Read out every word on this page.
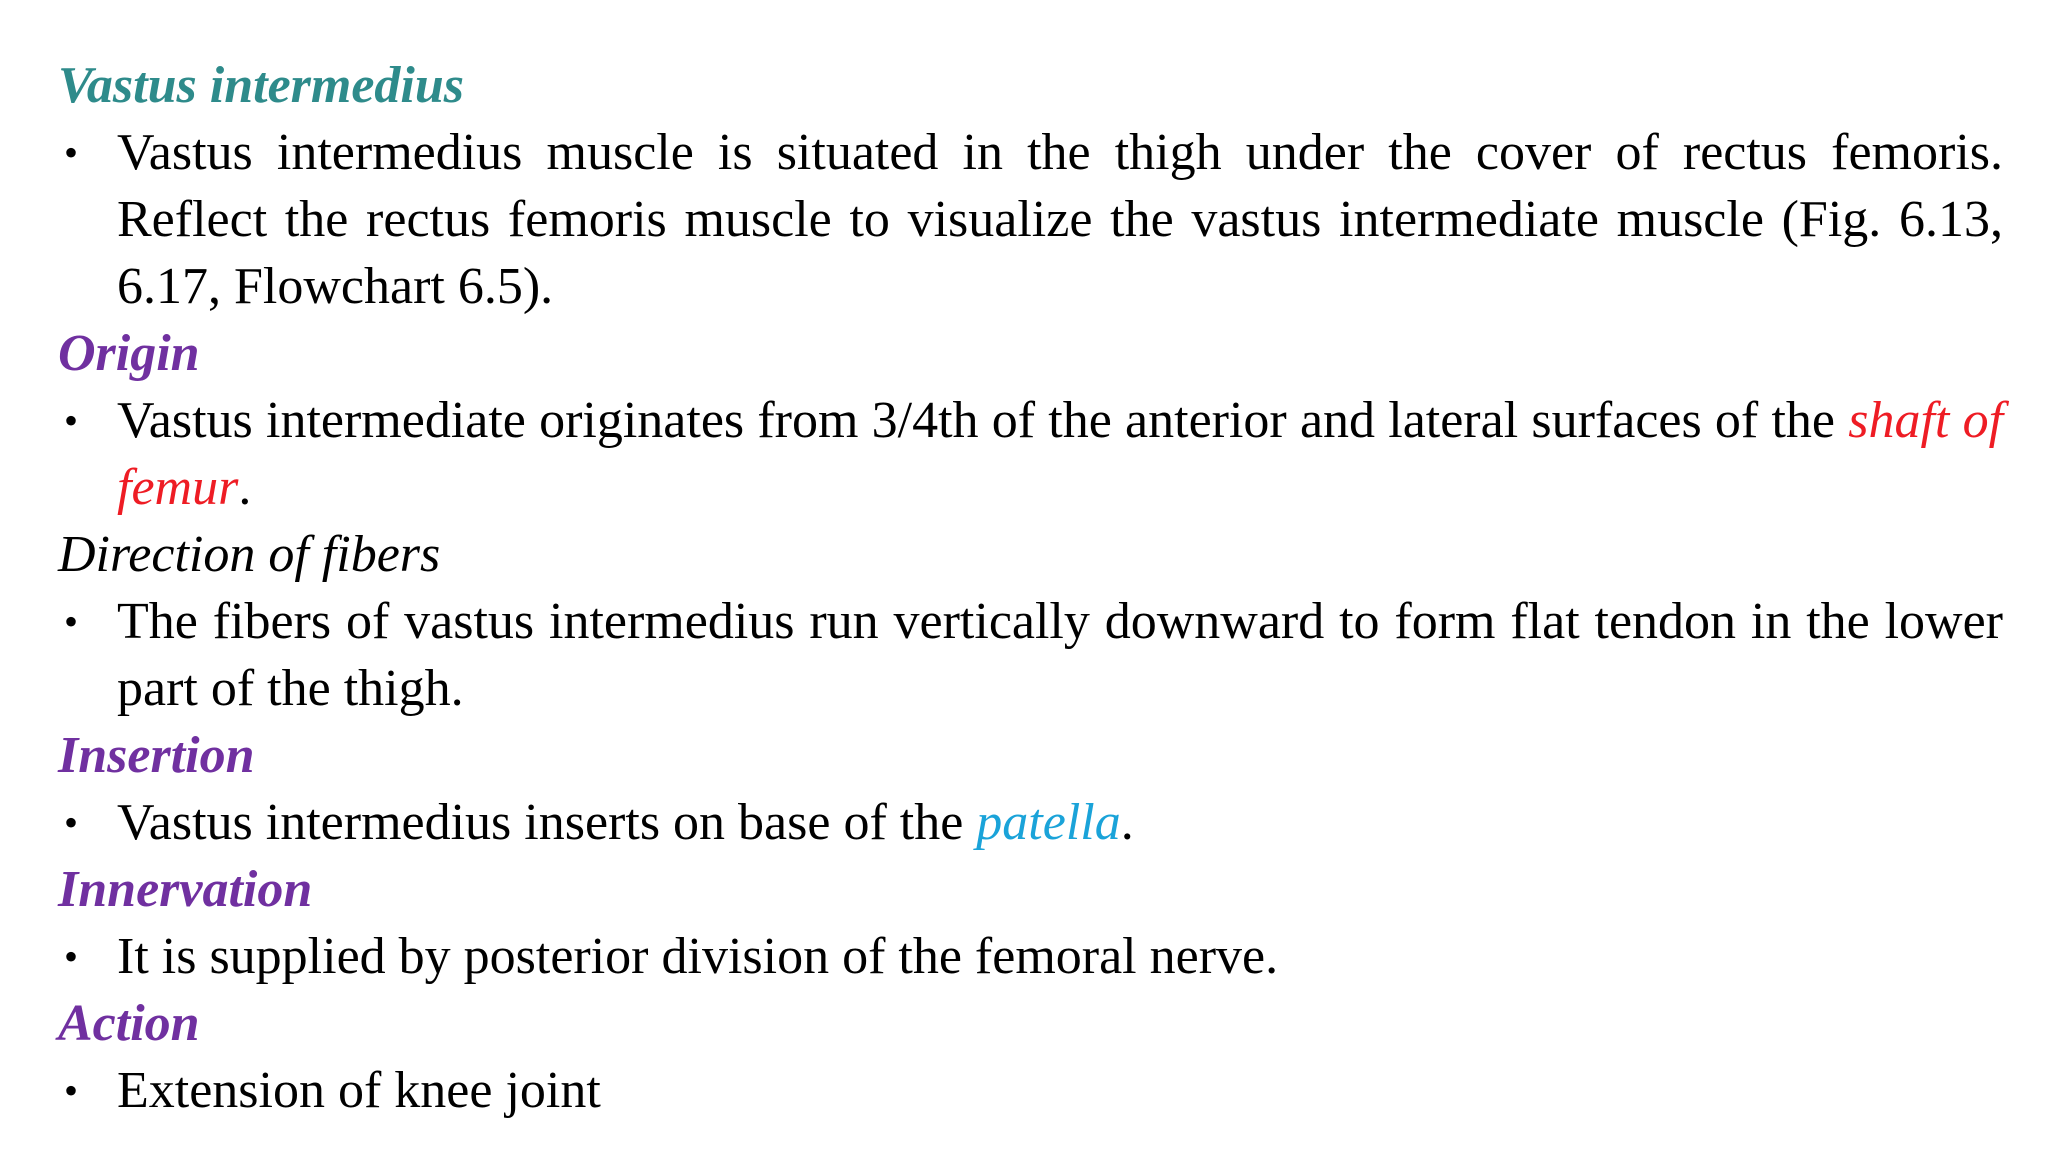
Vastus intermedius
• Vastus intermedius muscle is situated in the thigh under the cover of rectus femoris. Reflect the rectus femoris muscle to visualize the vastus intermediate muscle (Fig. 6.13, 6.17, Flowchart 6.5).
Origin
• Vastus intermediate originates from 3/4th of the anterior and lateral surfaces of the shaft of femur.
Direction of fibers
• The fibers of vastus intermedius run vertically downward to form flat tendon in the lower part of the thigh.
Insertion
• Vastus intermedius inserts on base of the patella.
Innervation
• It is supplied by posterior division of the femoral nerve.
Action
• Extension of knee joint
